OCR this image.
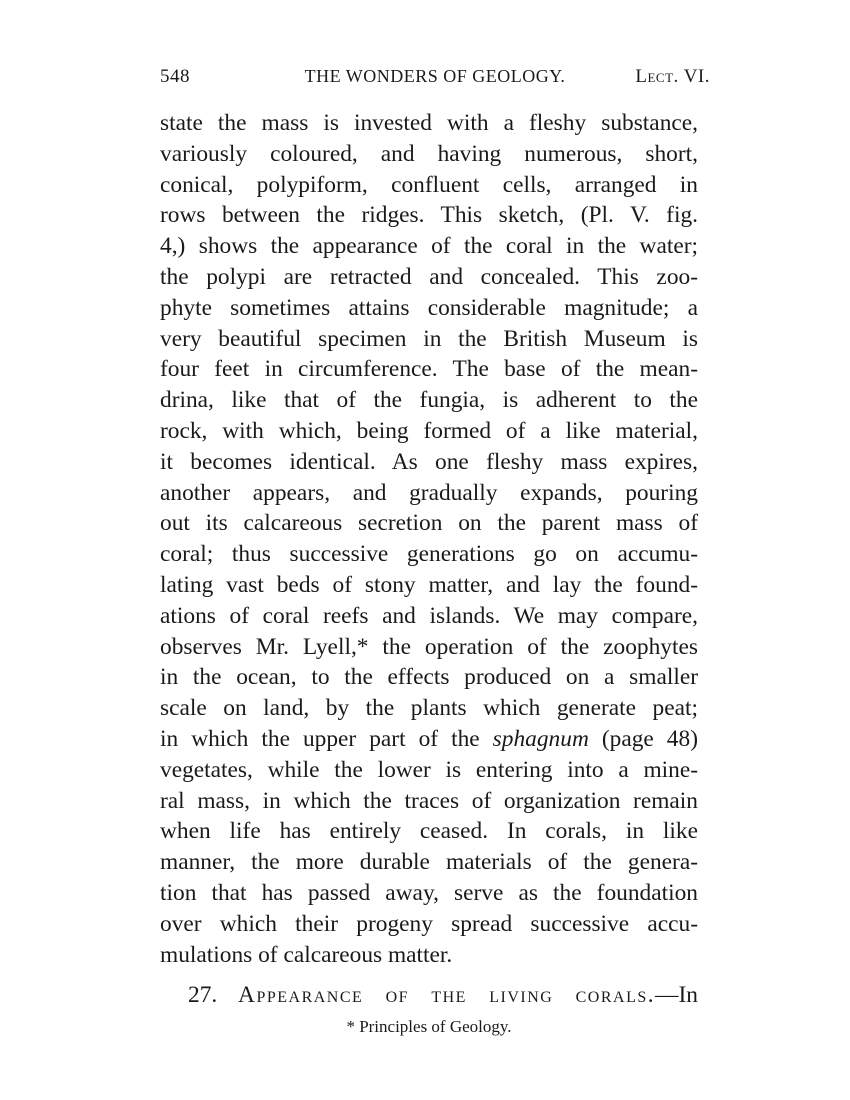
548	THE WONDERS OF GEOLOGY.	Lect. VI.
state the mass is invested with a fleshy substance,
variously coloured, and having numerous, short,
conical, polypiform, confluent cells, arranged in
rows between the ridges. This sketch, (Pl. V. fig.
4,) shows the appearance of the coral in the water;
the polypi are retracted and concealed. This zoo-
phyte sometimes attains considerable magnitude; a
very beautiful specimen in the British Museum is
four feet in circumference. The base of the mean-
drina, like that of the fungia, is adherent to the
rock, with which, being formed of a like material,
it becomes identical. As one fleshy mass expires,
another appears, and gradually expands, pouring
out its calcareous secretion on the parent mass of
coral; thus successive generations go on accumu-
lating vast beds of stony matter, and lay the found-
ations of coral reefs and islands. We may compare,
observes Mr. Lyell,* the operation of the zoophytes
in the ocean, to the effects produced on a smaller
scale on land, by the plants which generate peat;
in which the upper part of the sphagnum (page 48)
vegetates, while the lower is entering into a mine-
ral mass, in which the traces of organization remain
when life has entirely ceased. In corals, in like
manner, the more durable materials of the genera-
tion that has passed away, serve as the foundation
over which their progeny spread successive accu-
mulations of calcareous matter.
27. Appearance of the living corals.—In
* Principles of Geology.
